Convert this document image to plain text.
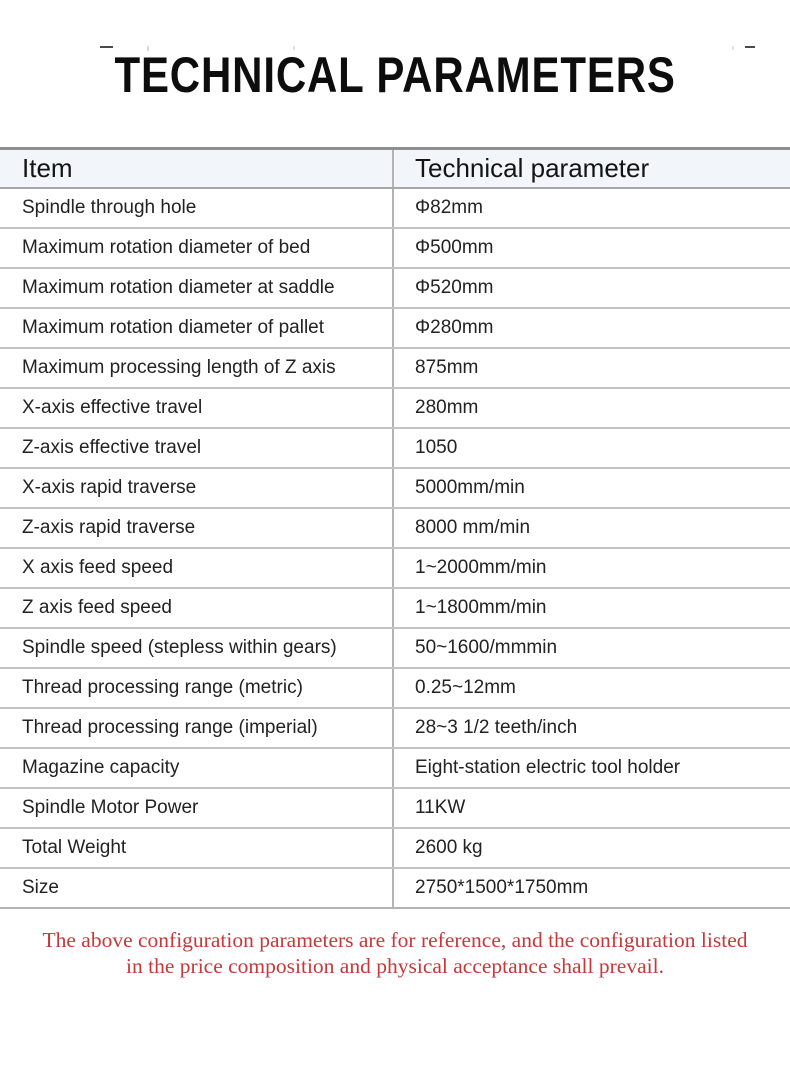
TECHNICAL PARAMETERS
Item	Technical parameter
Spindle through hole	Φ82mm
Maximum rotation diameter of bed	Φ500mm
Maximum rotation diameter at saddle	Φ520mm
Maximum rotation diameter of pallet	Φ280mm
Maximum processing length of Z axis	875mm
X-axis effective travel	280mm
Z-axis effective travel	1050
X-axis rapid traverse	5000mm/min
Z-axis rapid traverse	8000 mm/min
X axis feed speed	1~2000mm/min
Z axis feed speed	1~1800mm/min
Spindle speed (stepless within gears)	50~1600/mmmin
Thread processing range (metric)	0.25~12mm
Thread processing range (imperial)	28~3 1/2 teeth/inch
Magazine capacity	Eight-station electric tool holder
Spindle Motor Power	11KW
Total Weight	2600 kg
Size	2750*1500*1750mm
The above configuration parameters are for reference, and the configuration listed
in the price composition and physical acceptance shall prevail.
